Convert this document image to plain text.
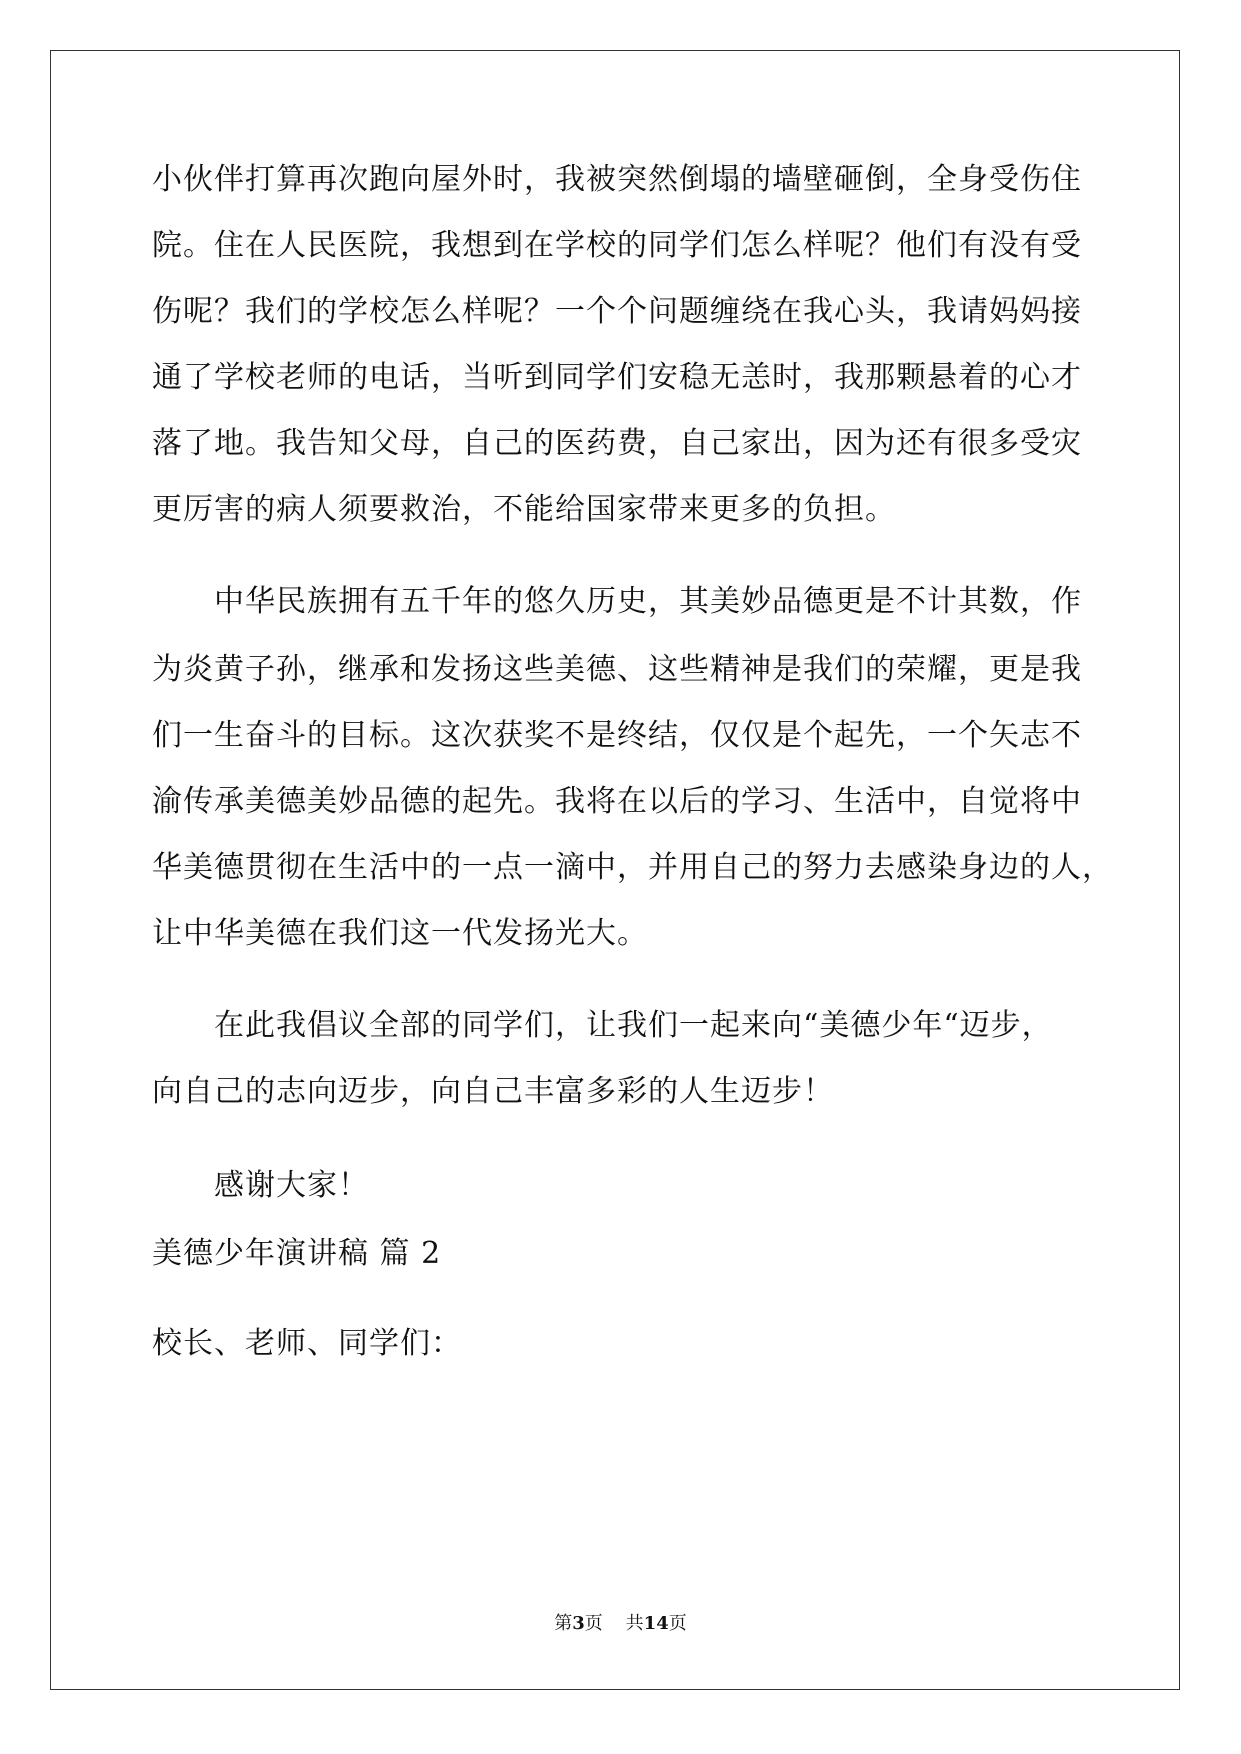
小伙伴打算再次跑向屋外时，我被突然倒塌的墙壁砸倒，全身受伤住
院。住在人民医院，我想到在学校的同学们怎么样呢？他们有没有受
伤呢？我们的学校怎么样呢？一个个问题缠绕在我心头，我请妈妈接
通了学校老师的电话，当听到同学们安稳无恙时，我那颗悬着的心才
落了地。我告知父母，自己的医药费，自己家出，因为还有很多受灾
更厉害的病人须要救治，不能给国家带来更多的负担。
中华民族拥有五千年的悠久历史，其美妙品德更是不计其数，作
为炎黄子孙，继承和发扬这些美德、这些精神是我们的荣耀，更是我
们一生奋斗的目标。这次获奖不是终结，仅仅是个起先，一个矢志不
渝传承美德美妙品德的起先。我将在以后的学习、生活中，自觉将中
华美德贯彻在生活中的一点一滴中，并用自己的努力去感染身边的人，
让中华美德在我们这一代发扬光大。
在此我倡议全部的同学们，让我们一起来向“美德少年“迈步，
向自己的志向迈步，向自己丰富多彩的人生迈步！
感谢大家！
美德少年演讲稿 篇 2
校长、老师、同学们：
第3页 共14页
